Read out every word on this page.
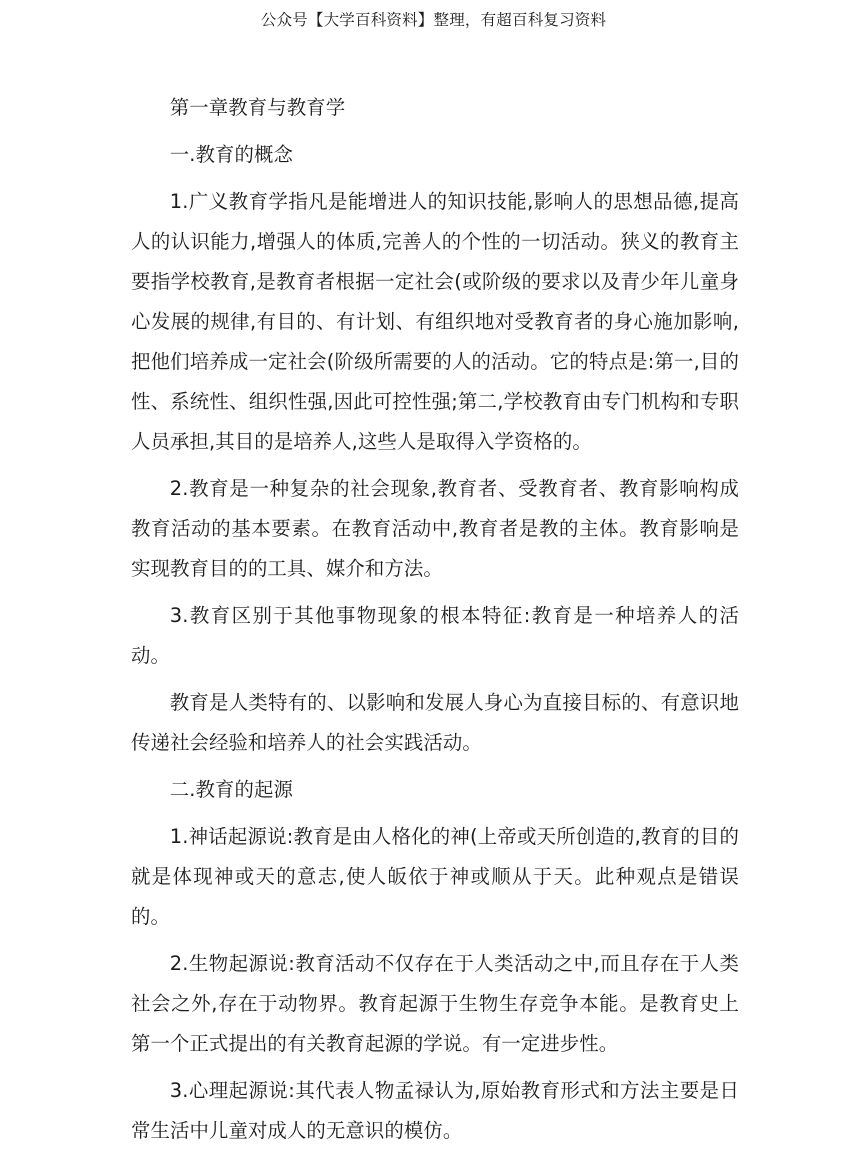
公众号【大学百科资料】整理，有超百科复习资料
第一章教育与教育学
一.教育的概念

1.广义教育学指凡是能增进人的知识技能,影响人的思想品德,提高人的认识能力,增强人的体质,完善人的个性的一切活动。狭义的教育主要指学校教育,是教育者根据一定社会(或阶级的要求以及青少年儿童身心发展的规律,有目的、有计划、有组织地对受教育者的身心施加影响,把他们培养成一定社会(阶级所需要的人的活动。它的特点是:第一,目的性、系统性、组织性强,因此可控性强;第二,学校教育由专门机构和专职人员承担,其目的是培养人,这些人是取得入学资格的。

2.教育是一种复杂的社会现象,教育者、受教育者、教育影响构成教育活动的基本要素。在教育活动中,教育者是教的主体。教育影响是实现教育目的的工具、媒介和方法。

3.教育区别于其他事物现象的根本特征:教育是一种培养人的活动。

教育是人类特有的、以影响和发展人身心为直接目标的、有意识地传递社会经验和培养人的社会实践活动。

二.教育的起源

1.神话起源说:教育是由人格化的神(上帝或天所创造的,教育的目的就是体现神或天的意志,使人皈依于神或顺从于天。此种观点是错误的。

2.生物起源说:教育活动不仅存在于人类活动之中,而且存在于人类社会之外,存在于动物界。教育起源于生物生存竞争本能。是教育史上第一个正式提出的有关教育起源的学说。有一定进步性。

3.心理起源说:其代表人物孟禄认为,原始教育形式和方法主要是日常生活中儿童对成人的无意识的模仿。
